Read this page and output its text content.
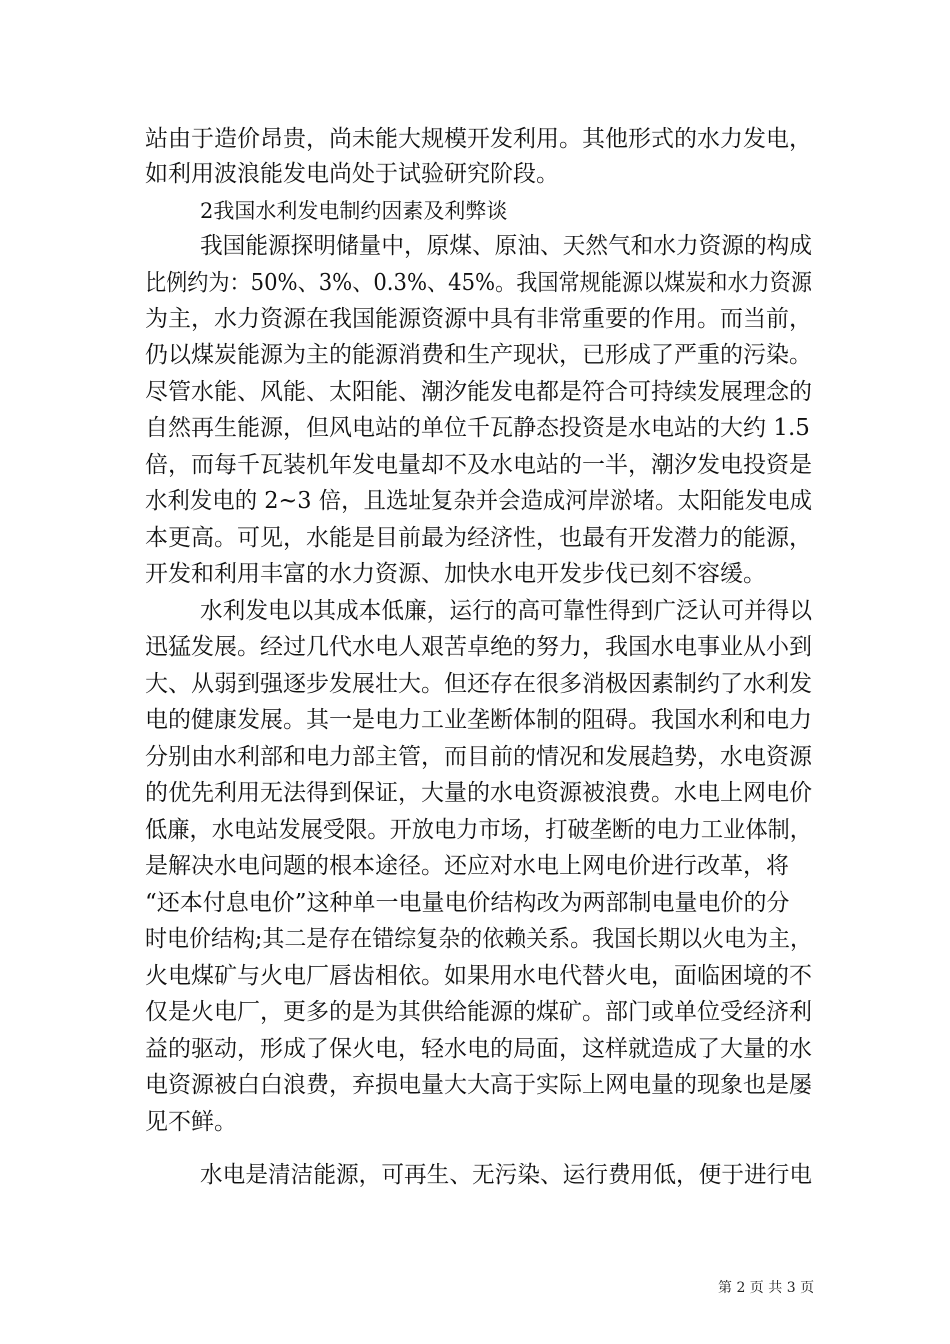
站由于造价昂贵，尚未能大规模开发利用。其他形式的水力发电，
如利用波浪能发电尚处于试验研究阶段。
2我国水利发电制约因素及利弊谈
我国能源探明储量中，原煤、原油、天然气和水力资源的构成
比例约为：50%、3%、0.3%、45%。我国常规能源以煤炭和水力资源
为主，水力资源在我国能源资源中具有非常重要的作用。而当前，
仍以煤炭能源为主的能源消费和生产现状，已形成了严重的污染。
尽管水能、风能、太阳能、潮汐能发电都是符合可持续发展理念的
自然再生能源，但风电站的单位千瓦静态投资是水电站的大约 1.5
倍，而每千瓦装机年发电量却不及水电站的一半，潮汐发电投资是
水利发电的 2~3 倍，且选址复杂并会造成河岸淤堵。太阳能发电成
本更高。可见，水能是目前最为经济性，也最有开发潜力的能源，
开发和利用丰富的水力资源、加快水电开发步伐已刻不容缓。
水利发电以其成本低廉，运行的高可靠性得到广泛认可并得以
迅猛发展。经过几代水电人艰苦卓绝的努力，我国水电事业从小到
大、从弱到强逐步发展壮大。但还存在很多消极因素制约了水利发
电的健康发展。其一是电力工业垄断体制的阻碍。我国水利和电力
分别由水利部和电力部主管，而目前的情况和发展趋势，水电资源
的优先利用无法得到保证，大量的水电资源被浪费。水电上网电价
低廉，水电站发展受限。开放电力市场，打破垄断的电力工业体制，
是解决水电问题的根本途径。还应对水电上网电价进行改革，将
“还本付息电价”这种单一电量电价结构改为两部制电量电价的分
时电价结构;其二是存在错综复杂的依赖关系。我国长期以火电为主，
火电煤矿与火电厂唇齿相依。如果用水电代替火电，面临困境的不
仅是火电厂，更多的是为其供给能源的煤矿。部门或单位受经济利
益的驱动，形成了保火电，轻水电的局面，这样就造成了大量的水
电资源被白白浪费，弃损电量大大高于实际上网电量的现象也是屡
见不鲜。
水电是清洁能源，可再生、无污染、运行费用低，便于进行电
第 2 页 共 3 页
